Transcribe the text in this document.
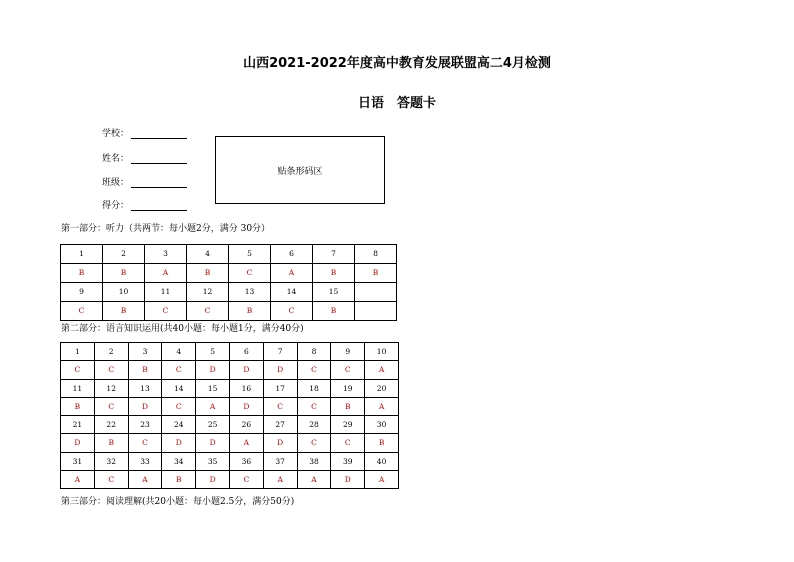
山西2021-2022年度高中教育发展联盟高二4月检测
日语　答题卡
学校：
姓名：
班级：
得分：
贴条形码区
第一部分：听力（共两节：每小题2分，满分 30分）
1	2	3	4	5	6	7	8
B	B	A	B	C	A	B	B
9	10	11	12	13	14	15	
C	B	C	C	B	C	B	
第二部分：语言知识运用(共40小题：每小题1分，满分40分)
1	2	3	4	5	6	7	8	9	10
C	C	B	C	D	D	D	C	C	A
11	12	13	14	15	16	17	18	19	20
B	C	D	C	A	D	C	C	B	A
21	22	23	24	25	26	27	28	29	30
D	B	C	D	D	A	D	C	C	B
31	32	33	34	35	36	37	38	39	40
A	C	A	B	D	C	A	A	D	A
第三部分：阅读理解(共20小题：每小题2.5分，满分50分)
